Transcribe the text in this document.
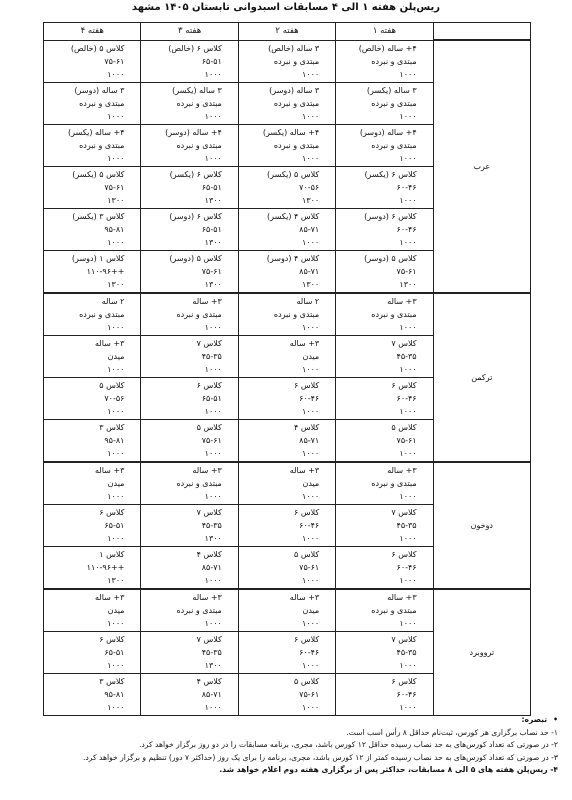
ریس‌پلن هفته ۱ الی ۴ مسابقات اسبدوانی تابستان ۱۴۰۵ مشهد
	هفته ۱	هفته ۲	هفته ۳	هفته ۴
عرب	۴+ ساله (خالص)
مبتدی و نبرده
۱۰۰۰	۳ ساله (خالص)
مبتدی و نبرده
۱۰۰۰	کلاس ۶ (خالص)
۶۵-۵۱
۱۰۰۰	کلاس ۵ (خالص)
۷۵-۶۱
۱۰۰۰

	۳ ساله (یکسر)
مبتدی و نبرده
۱۰۰۰	۳ ساله (دوسر)
مبتدی و نبرده
۱۰۰۰	۳ ساله (یکسر)
مبتدی و نبرده
۱۰۰۰	۳ ساله (دوسر)
مبتدی و نبرده
۱۰۰۰

	۴+ ساله (دوسر)
مبتدی و نبرده
۱۰۰۰	۴+ ساله (یکسر)
مبتدی و نبرده
۱۰۰۰	۴+ ساله (دوسر)
مبتدی و نبرده
۱۰۰۰	۴+ ساله (یکسر)
مبتدی و نبرده
۱۰۰۰

	کلاس ۶ (یکسر)
۶۰-۴۶
۱۰۰۰	کلاس ۵ (یکسر)
۷۰-۵۶
۱۳۰۰	کلاس ۶ (یکسر)
۶۵-۵۱
۱۳۰۰	کلاس ۵ (یکسر)
۷۵-۶۱
۱۳۰۰

	کلاس ۶ (دوسر)
۶۰-۴۶
۱۰۰۰	کلاس ۴ (یکسر)
۸۵-۷۱
۱۰۰۰	کلاس ۶ (دوسر)
۶۵-۵۱
۱۳۰۰	کلاس ۳ (یکسر)
۹۵-۸۱
۱۰۰۰

	کلاس ۵ (دوسر)
۷۵-۶۱
۱۳۰۰	کلاس ۴ (دوسر)
۸۵-۷۱
۱۳۰۰	کلاس ۵ (دوسر)
۷۵-۶۱
۱۳۰۰	کلاس ۱ (دوسر)
++۱۱۰-۹۶
۱۳۰۰

ترکمن	۳+ ساله
مبتدی و نبرده
۱۰۰۰	۲ ساله
مبتدی و نبرده
۱۰۰۰	۳+ ساله
مبتدی و نبرده
۱۰۰۰	۲ ساله
مبتدی و نبرده
۱۰۰۰

	کلاس ۷
۴۵-۳۵
۱۰۰۰	۳+ ساله
میدن
۱۰۰۰	کلاس ۷
۴۵-۳۵
۱۰۰۰	۳+ ساله
میدن
۱۰۰۰

	کلاس ۶
۶۰-۴۶
۱۰۰۰	کلاس ۶
۶۰-۴۶
۱۰۰۰	کلاس ۶
۶۵-۵۱
۱۰۰۰	کلاس ۵
۷۰-۵۶
۱۰۰۰

	کلاس ۵
۷۵-۶۱
۱۰۰۰	کلاس ۴
۸۵-۷۱
۱۰۰۰	کلاس ۵
۷۵-۶۱
۱۰۰۰	کلاس ۳
۹۵-۸۱
۱۰۰۰

دوخون	۳+ ساله
مبتدی و نبرده
۱۰۰۰	۳+ ساله
میدن
۱۰۰۰	۳+ ساله
مبتدی و نبرده
۱۰۰۰	۳+ ساله
میدن
۱۰۰۰

	کلاس ۷
۴۵-۳۵
۱۰۰۰	کلاس ۶
۶۰-۴۶
۱۰۰۰	کلاس ۷
۴۵-۳۵
۱۳۰۰	کلاس ۶
۶۵-۵۱
۱۰۰۰

	کلاس ۶
۶۰-۴۶
۱۰۰۰	کلاس ۵
۷۵-۶۱
۱۰۰۰	کلاس ۴
۸۵-۷۱
۱۰۰۰	کلاس ۱
++۱۱۰-۹۶
۱۳۰۰

ترووبرد	۳+ ساله
مبتدی و نبرده
۱۰۰۰	۳+ ساله
میدن
۱۰۰۰	۳+ ساله
مبتدی و نبرده
۱۰۰۰	۳+ ساله
میدن
۱۰۰۰

	کلاس ۷
۴۵-۳۵
۱۰۰۰	کلاس ۶
۶۰-۴۶
۱۰۰۰	کلاس ۷
۴۵-۳۵
۱۳۰۰	کلاس ۶
۶۵-۵۱
۱۰۰۰

	کلاس ۶
۶۰-۴۶
۱۰۰۰	کلاس ۵
۷۵-۶۱
۱۰۰۰	کلاس ۴
۸۵-۷۱
۱۰۰۰	کلاس ۳
۹۵-۸۱
۱۰۰۰
•تبصره:
۱- حد نصاب برگزاری هر کورس، ثبت‌نام حداقل ۸ رأس اسب است.
۲- در صورتی که تعداد کورس‌های به حد نصاب رسیده حداقل ۱۲ کورس باشد، مجری، برنامه مسابقات را در دو روز برگزار خواهد کرد.
۳- در صورتی که تعداد کورس‌های به حد نصاب رسیده کمتر از ۱۲ کورس باشد، مجری، برنامه را برای یک روز (حداکثر ۷ دور) تنظیم و برگزار خواهد کرد.
۴- ریس‌پلن هفته های ۵ الی ۸ مسابقات، حداکثر پس از برگزاری هفته دوم اعلام خواهد شد.
